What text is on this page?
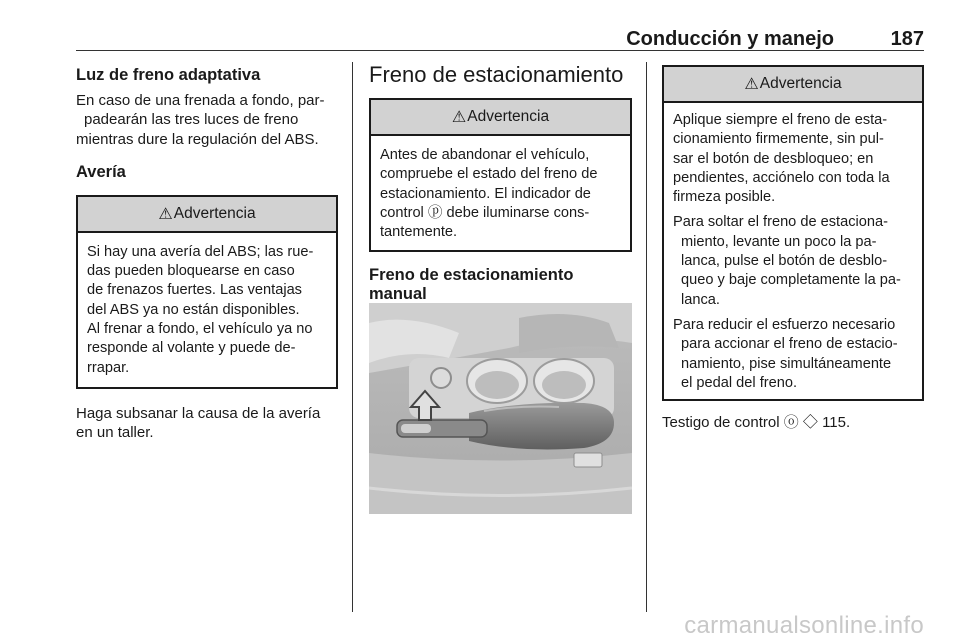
Conducción y manejo	187
Luz de freno adaptativa
En caso de una frenada a fondo, par-
padearán las tres luces de freno
mientras dure la regulación del ABS.
Avería
⚠ Advertencia
Si hay una avería del ABS; las rue-
das pueden bloquearse en caso
de frenazos fuertes. Las ventajas
del ABS ya no están disponibles.
Al frenar a fondo, el vehículo ya no
responde al volante y puede de-
rrapar.
Haga subsanar la causa de la avería
en un taller.
Freno de estacionamiento
⚠ Advertencia
Antes de abandonar el vehículo,
compruebe el estado del freno de
estacionamiento. El indicador de
control ⓟ debe iluminarse cons-
tantemente.
Freno de estacionamiento
manual
⚠ Advertencia
Aplique siempre el freno de esta-
cionamiento firmemente, sin pul-
sar el botón de desbloqueo; en
pendientes, acciónelo con toda la
firmeza posible.
Para soltar el freno de estaciona-
miento, levante un poco la pa-
lanca, pulse el botón de desblo-
queo y baje completamente la pa-
lanca.
Para reducir el esfuerzo necesario
para accionar el freno de estacio-
namiento, pise simultáneamente
el pedal del freno.
Testigo de control ⓞ ◇ 115.
carmanualsonline.info
